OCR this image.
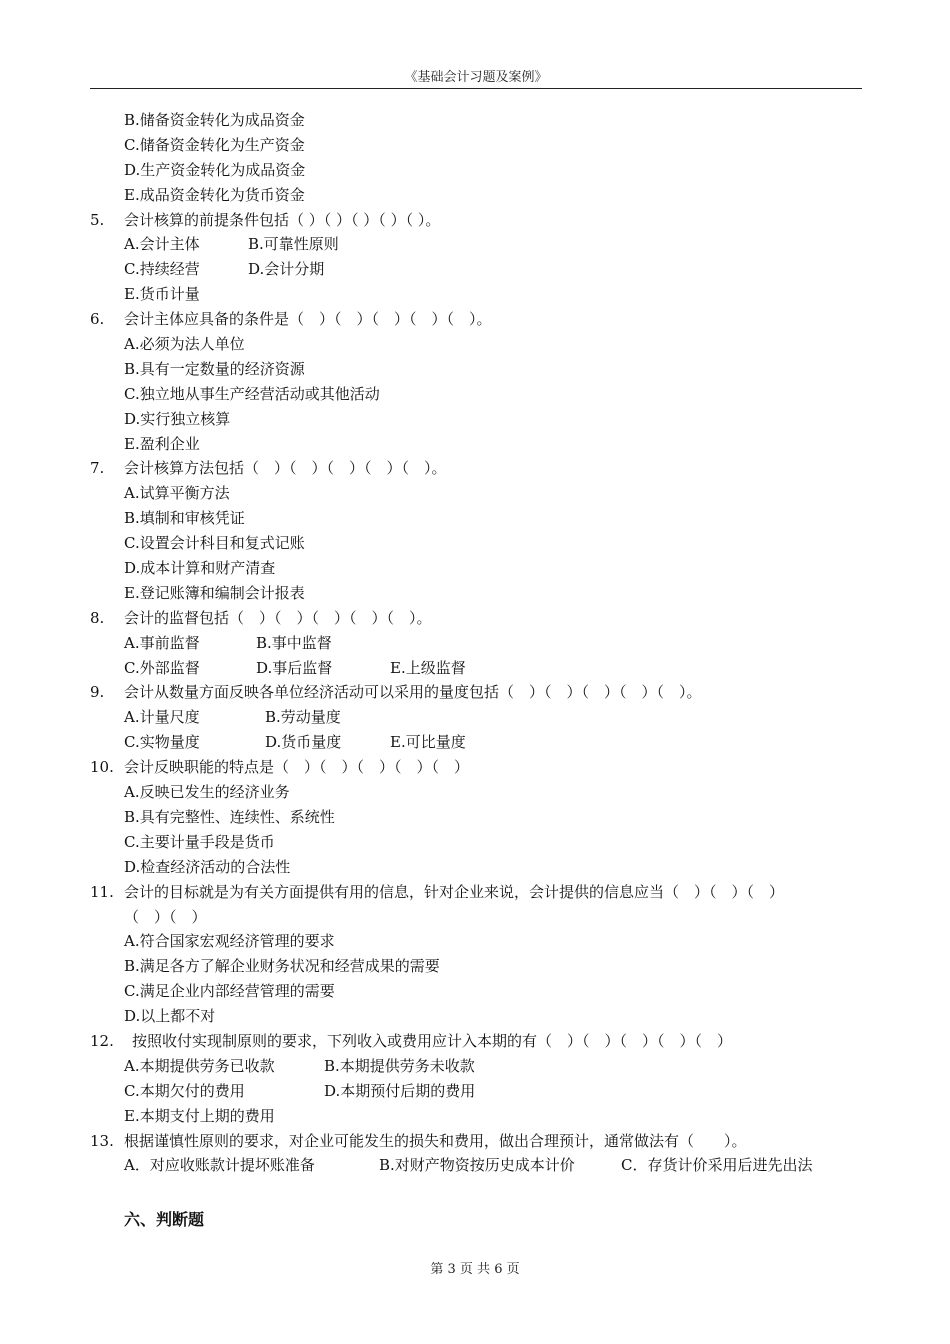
《基础会计习题及案例》
B.储备资金转化为成品资金
C.储备资金转化为生产资金
D.生产资金转化为成品资金
E.成品资金转化为货币资金
5. 会计核算的前提条件包括（ ）（ ）（ ）（ ）（ ）。
A.会计主体	B.可靠性原则
C.持续经营	D.会计分期
E.货币计量
6. 会计主体应具备的条件是（　）（　）（　）（　）（　）。
A.必须为法人单位
B.具有一定数量的经济资源
C.独立地从事生产经营活动或其他活动
D.实行独立核算
E.盈利企业
7. 会计核算方法包括（　）（　）（　）（　）（　）。
A.试算平衡方法
B.填制和审核凭证
C.设置会计科目和复式记账
D.成本计算和财产清查
E.登记账簿和编制会计报表
8. 会计的监督包括（　）（　）（　）（　）（　）。
A.事前监督	B.事中监督
C.外部监督	D.事后监督	E.上级监督
9. 会计从数量方面反映各单位经济活动可以采用的量度包括（　）（　）（　）（　）（　）。
A.计量尺度	B.劳动量度
C.实物量度	D.货币量度	E.可比量度
10. 会计反映职能的特点是（　）（　）（　）（　）（　）
A.反映已发生的经济业务
B.具有完整性、连续性、系统性
C.主要计量手段是货币
D.检查经济活动的合法性
11. 会计的目标就是为有关方面提供有用的信息，针对企业来说，会计提供的信息应当（　）（　）（　）
（　）（　）
A.符合国家宏观经济管理的要求
B.满足各方了解企业财务状况和经营成果的需要
C.满足企业内部经营管理的需要
D.以上都不对
12. 按照收付实现制原则的要求，下列收入或费用应计入本期的有（　）（　）（　）（　）（　）
A.本期提供劳务已收款	B.本期提供劳务未收款
C.本期欠付的费用	D.本期预付后期的费用
E.本期支付上期的费用
13. 根据谨慎性原则的要求，对企业可能发生的损失和费用，做出合理预计，通常做法有（　　）。
A．对应收账款计提坏账准备	B.对财产物资按历史成本计价	C．存货计价采用后进先出法
六、判断题
第 3 页 共 6 页
